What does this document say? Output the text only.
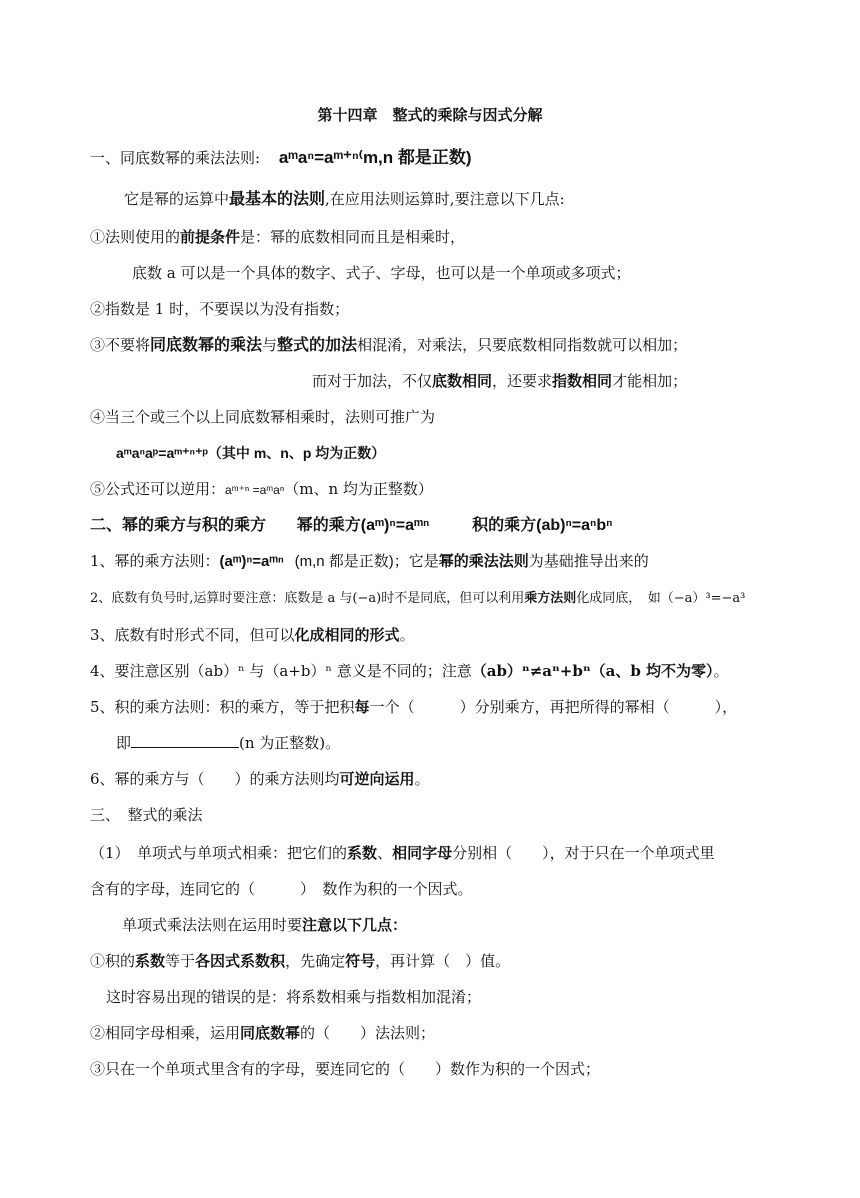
第十四章　整式的乘除与因式分解
一、同底数幂的乘法法则: aᵐaⁿ=aᵐ⁺ⁿ⁽m,n 都是正数)
它是幂的运算中最基本的法则,在应用法则运算时,要注意以下几点:
①法则使用的前提条件是：幂的底数相同而且是相乘时，
底数 a 可以是一个具体的数字、式子、字母，也可以是一个单项或多项式；
②指数是 1 时，不要误以为没有指数；
③不要将同底数幂的乘法与整式的加法相混淆，对乘法，只要底数相同指数就可以相加；
而对于加法，不仅底数相同，还要求指数相同才能相加；
④当三个或三个以上同底数幂相乘时，法则可推广为
aᵐaⁿaᵖ=aᵐ⁺ⁿ⁺ᵖ（其中 m、n、p 均为正数）
⑤公式还可以逆用：aᵐ⁺ⁿ =aᵐaⁿ（m、n 均为正整数）
二、幂的乘方与积的乘方 幂的乘方(aᵐ)ⁿ=aᵐⁿ	积的乘方(ab)ⁿ=aⁿbⁿ
1、幂的乘方法则：(aᵐ)ⁿ=aᵐⁿ (m,n 都是正数)；它是幂的乘法法则为基础推导出来的
2、底数有负号时,运算时要注意：底数是 a 与(−a)时不是同底，但可以利用乘方法则化成同底，　如（−a）³=−a³
3、底数有时形式不同，但可以化成相同的形式。
4、要注意区别（ab）ⁿ 与（a+b）ⁿ 意义是不同的；注意（ab）ⁿ≠aⁿ+bⁿ（a、b 均不为零）。
5、积的乘方法则：积的乘方，等于把积每一个（　　　）分别乘方，再把所得的幂相（　　　），
即	(n 为正整数)。
6、幂的乘方与（　　）的乘方法则均可逆向运用。
三、　整式的乘法
（1）　单项式与单项式相乘：把它们的系数、相同字母分别相（　　），对于只在一个单项式里
含有的字母，连同它的（　　　）　数作为积的一个因式。
单项式乘法法则在运用时要注意以下几点：
①积的系数等于各因式系数积，先确定符号，再计算（　）值。
这时容易出现的错误的是：将系数相乘与指数相加混淆；
②相同字母相乘，运用同底数幂的（　　）法法则；
③只在一个单项式里含有的字母，要连同它的（　　）数作为积的一个因式；
